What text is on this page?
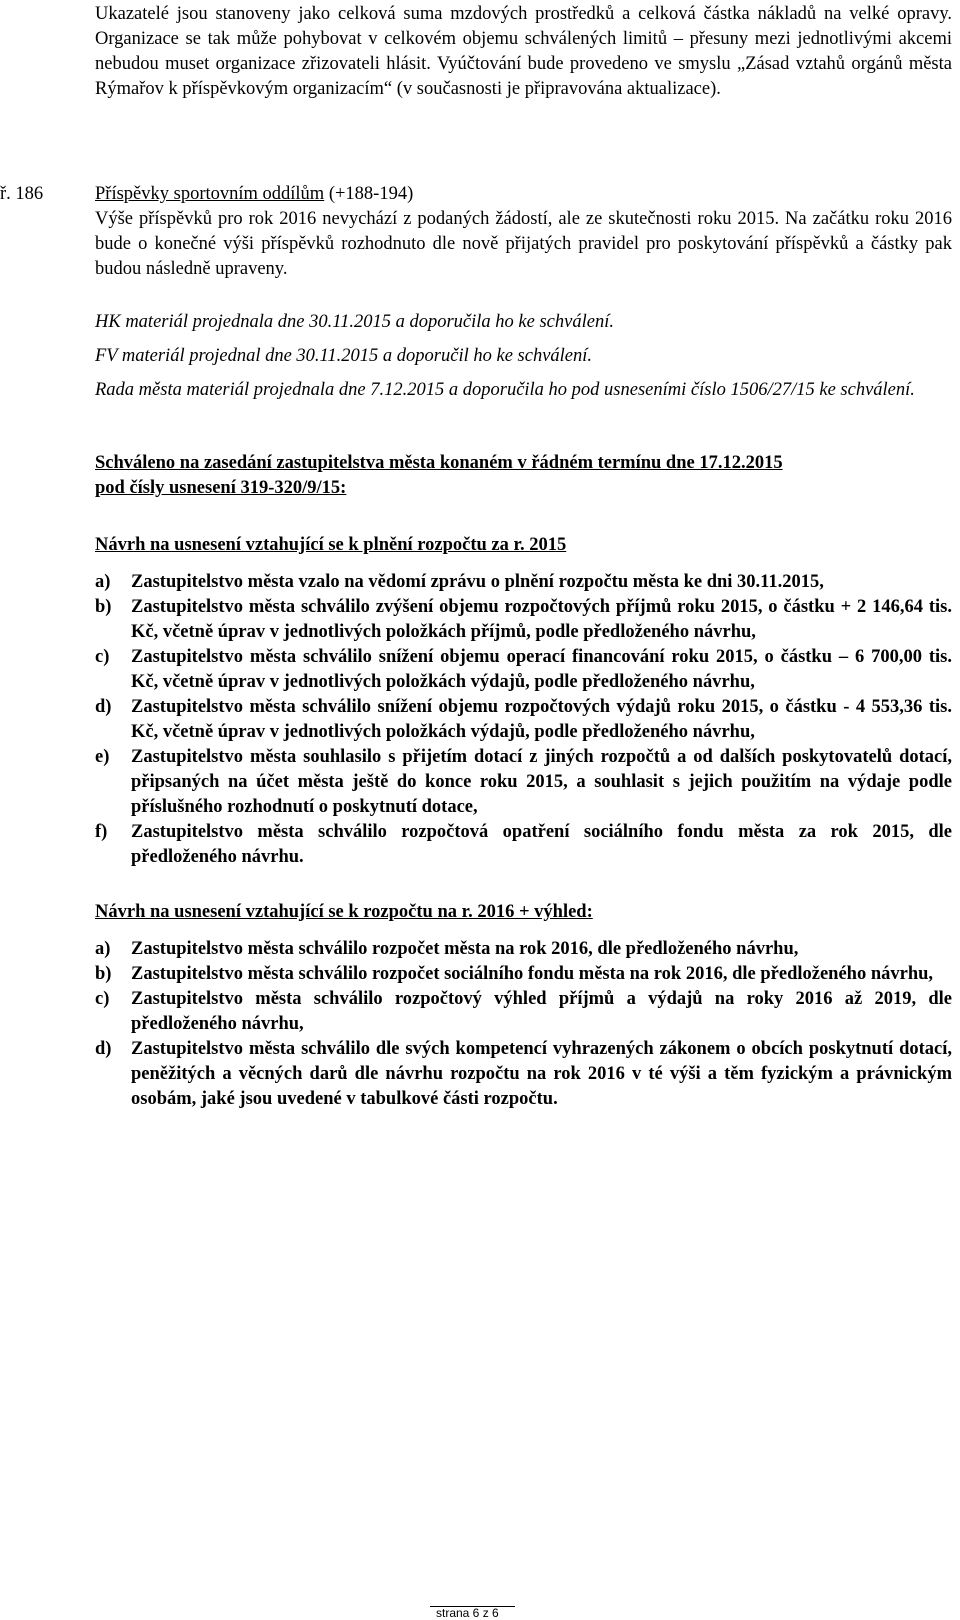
Ukazatelé jsou stanoveny jako celková suma mzdových prostředků a celková částka nákladů na velké opravy. Organizace se tak může pohybovat v celkovém objemu schválených limitů – přesuny mezi jednotlivými akcemi nebudou muset organizace zřizovateli hlásit. Vyúčtování bude provedeno ve smyslu „Zásad vztahů orgánů města Rýmařov k příspěvkovým organizacím“ (v současnosti je připravována aktualizace).

ř. 186	Příspěvky sportovním oddílům (+188-194)

Výše příspěvků pro rok 2016 nevychází z podaných žádostí, ale ze skutečnosti roku 2015. Na začátku roku 2016 bude o konečné výši příspěvků rozhodnuto dle nově přijatých pravidel pro poskytování příspěvků a částky pak budou následně upraveny.

HK materiál projednala dne 30.11.2015 a doporučila ho ke schválení.

FV materiál projednal dne 30.11.2015 a doporučil ho ke schválení.

Rada města materiál projednala dne 7.12.2015 a doporučila ho pod usneseními číslo 1506/27/15 ke schválení.

Schváleno na zasedání zastupitelstva města konaném v řádném termínu dne 17.12.2015

pod čísly usnesení 319-320/9/15:

Návrh na usnesení vztahující se k plnění rozpočtu za r. 2015

a)	Zastupitelstvo města vzalo na vědomí zprávu o plnění rozpočtu města ke dni 30.11.2015,
b)	Zastupitelstvo města schválilo zvýšení objemu rozpočtových příjmů roku 2015, o částku + 2 146,64 tis. Kč, včetně úprav v jednotlivých položkách příjmů, podle předloženého návrhu,
c)	Zastupitelstvo města schválilo snížení objemu operací financování roku 2015, o částku – 6 700,00 tis. Kč, včetně úprav v jednotlivých položkách výdajů, podle předloženého návrhu,
d)	Zastupitelstvo města schválilo snížení objemu rozpočtových výdajů roku 2015, o částku - 4 553,36 tis. Kč, včetně úprav v jednotlivých položkách výdajů, podle předloženého návrhu,
e)	Zastupitelstvo města souhlasilo s přijetím dotací z jiných rozpočtů a od dalších poskytovatelů dotací, připsaných na účet města ještě do konce roku 2015, a souhlasit s jejich použitím na výdaje podle příslušného rozhodnutí o poskytnutí dotace,
f)	Zastupitelstvo města schválilo rozpočtová opatření sociálního fondu města za rok 2015, dle předloženého návrhu.

Návrh na usnesení vztahující se k rozpočtu na r. 2016 + výhled:

a)	Zastupitelstvo města schválilo rozpočet města na rok 2016, dle předloženého návrhu,
b)	Zastupitelstvo města schválilo rozpočet sociálního fondu města na rok 2016, dle předloženého návrhu,
c)	Zastupitelstvo města schválilo rozpočtový výhled příjmů a výdajů na roky 2016 až 2019, dle předloženého návrhu,
d)	Zastupitelstvo města schválilo dle svých kompetencí vyhrazených zákonem o obcích poskytnutí dotací, peněžitých a věcných darů dle návrhu rozpočtu na rok 2016 v té výši a těm fyzickým a právnickým osobám, jaké jsou uvedené v tabulkové části rozpočtu.
strana 6 z 6
